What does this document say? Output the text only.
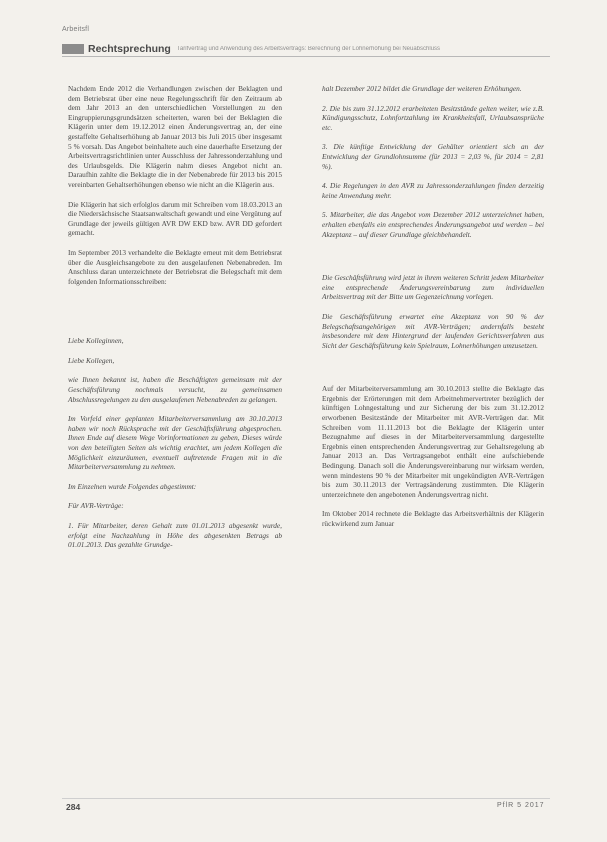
Arbeitsfl
Rechtsprechung Tarifvertrag und Anwendung des Arbeitsvertrags: Berechnung der Lohnerhöhung bei Neuabschluss

Nachdem Ende 2012 die Verhandlungen zwischen der Beklagten und dem Betriebsrat über eine neue Regelungsschrift für den Zeitraum ab dem Jahr 2013 an den unterschiedlichen Vorstellungen zu den Eingruppierungsgrundsätzen scheiterten, waren bei der Beklagten die Klägerin unter dem 19.12.2012 einen Änderungsvertrag an, der eine gestaffelte Gehaltserhöhung ab Januar 2013 bis Juli 2015 über insgesamt 5 % vorsah. Das Angebot beinhaltete auch eine dauerhafte Ersetzung der Arbeitsvertragsrichtlinien unter Ausschluss der Jahressonderzahlung und des Urlaubsgelds. Die Klägerin nahm dieses Angebot nicht an. Daraufhin zahlte die Beklagte die in der Nebenabrede für 2013 bis 2015 vereinbarten Gehaltserhöhungen ebenso wie nicht an die Klägerin aus.

Die Klägerin hat sich erfolglos darum mit Schreiben vom 18.03.2013 an die Niedersächsische Staatsanwaltschaft gewandt und eine Vergütung auf Grundlage der jeweils gültigen AVR DW EKD bzw. AVR DD gefordert gemacht.

Im September 2013 verhandelte die Beklagte erneut mit dem Betriebsrat über die Ausgleichsangebote zu den ausgelaufenen Nebenabreden. Im Anschluss daran unterzeichnete der Betriebsrat die Belegschaft mit dem folgenden Informationsschreiben:

Liebe Kolleginnen,

Liebe Kollegen,

wie Ihnen bekannt ist, haben die Beschäftigten gemeinsam mit der Geschäftsführung nochmals versucht, zu gemeinsamen Abschlussregelungen zu den ausgelaufenen Nebenabreden zu gelangen.

Im Vorfeld einer geplanten Mitarbeiterversammlung am 30.10.2013 haben wir noch Rücksprache mit der Geschäftsführung abgesprochen. Ihnen Ende auf diesem Wege Vorinformationen zu geben, Dieses würde von den beteiligten Seiten als wichtig erachtet, um jedem Kollegen die Möglichkeit einzuräumen, eventuell auftretende Fragen mit in die Mitarbeiterversammlung zu nehmen.

Im Einzelnen wurde Folgendes abgestimmt:

Für AVR-Verträge:

1. Für Mitarbeiter, deren Gehalt zum 01.01.2013 abgesenkt wurde, erfolgt eine Nachzahlung in Höhe des abgesenkten Betrags ab 01.01.2013. Das gezahlte Grundge-

halt Dezember 2012 bildet die Grundlage der weiteren Erhöhungen.

2. Die bis zum 31.12.2012 erarbeiteten Besitzstände gelten weiter, wie z.B. Kündigungsschutz, Lohnfortzahlung im Krankheitsfall, Urlaubsansprüche etc.

3. Die künftige Entwicklung der Gehälter orientiert sich an der Entwicklung der Grundlohnsumme (für 2013 = 2,03 %, für 2014 = 2,81 %).

4. Die Regelungen in den AVR zu Jahressonderzahlungen finden derzeitig keine Anwendung mehr.

5. Mitarbeiter, die das Angebot vom Dezember 2012 unterzeichnet haben, erhalten ebenfalls ein entsprechendes Änderungsangebot und werden – bei Akzeptanz – auf dieser Grundlage gleichbehandelt.

Die Geschäftsführung wird jetzt in ihrem weiteren Schritt jedem Mitarbeiter eine entsprechende Änderungsvereinbarung zum individuellen Arbeitsvertrag mit der Bitte um Gegenzeichnung vorlegen.

Die Geschäftsführung erwartet eine Akzeptanz von 90 % der Belegschaftsangehörigen mit AVR-Verträgen; andernfalls besteht insbesondere mit dem Hintergrund der laufenden Gerichtsverfahren aus Sicht der Geschäftsführung kein Spielraum, Lohnerhöhungen umzusetzen.

Auf der Mitarbeiterversammlung am 30.10.2013 stellte die Beklagte das Ergebnis der Erörterungen mit dem Arbeitnehmervertreter bezüglich der künftigen Lohngestaltung und zur Sicherung der bis zum 31.12.2012 erworbenen Besitzstände der Mitarbeiter mit AVR-Verträgen dar. Mit Schreiben vom 11.11.2013 bot die Beklagte der Klägerin unter Bezugnahme auf dieses in der Mitarbeiterversammlung dargestellte Ergebnis einen entsprechenden Änderungsvertrag zur Gehaltsregelung ab Januar 2013 an. Das Vertragsangebot enthält eine aufschiebende Bedingung. Danach soll die Änderungsvereinbarung nur wirksam werden, wenn mindestens 90 % der Mitarbeiter mit ungekündigten AVR-Verträgen bis zum 30.11.2013 der Vertragsänderung zustimmten. Die Klägerin unterzeichnete den angebotenen Änderungsvertrag nicht.

Im Oktober 2014 rechnete die Beklagte das Arbeitsverhältnis der Klägerin rückwirkend zum Januar

284	PflR 5 2017
